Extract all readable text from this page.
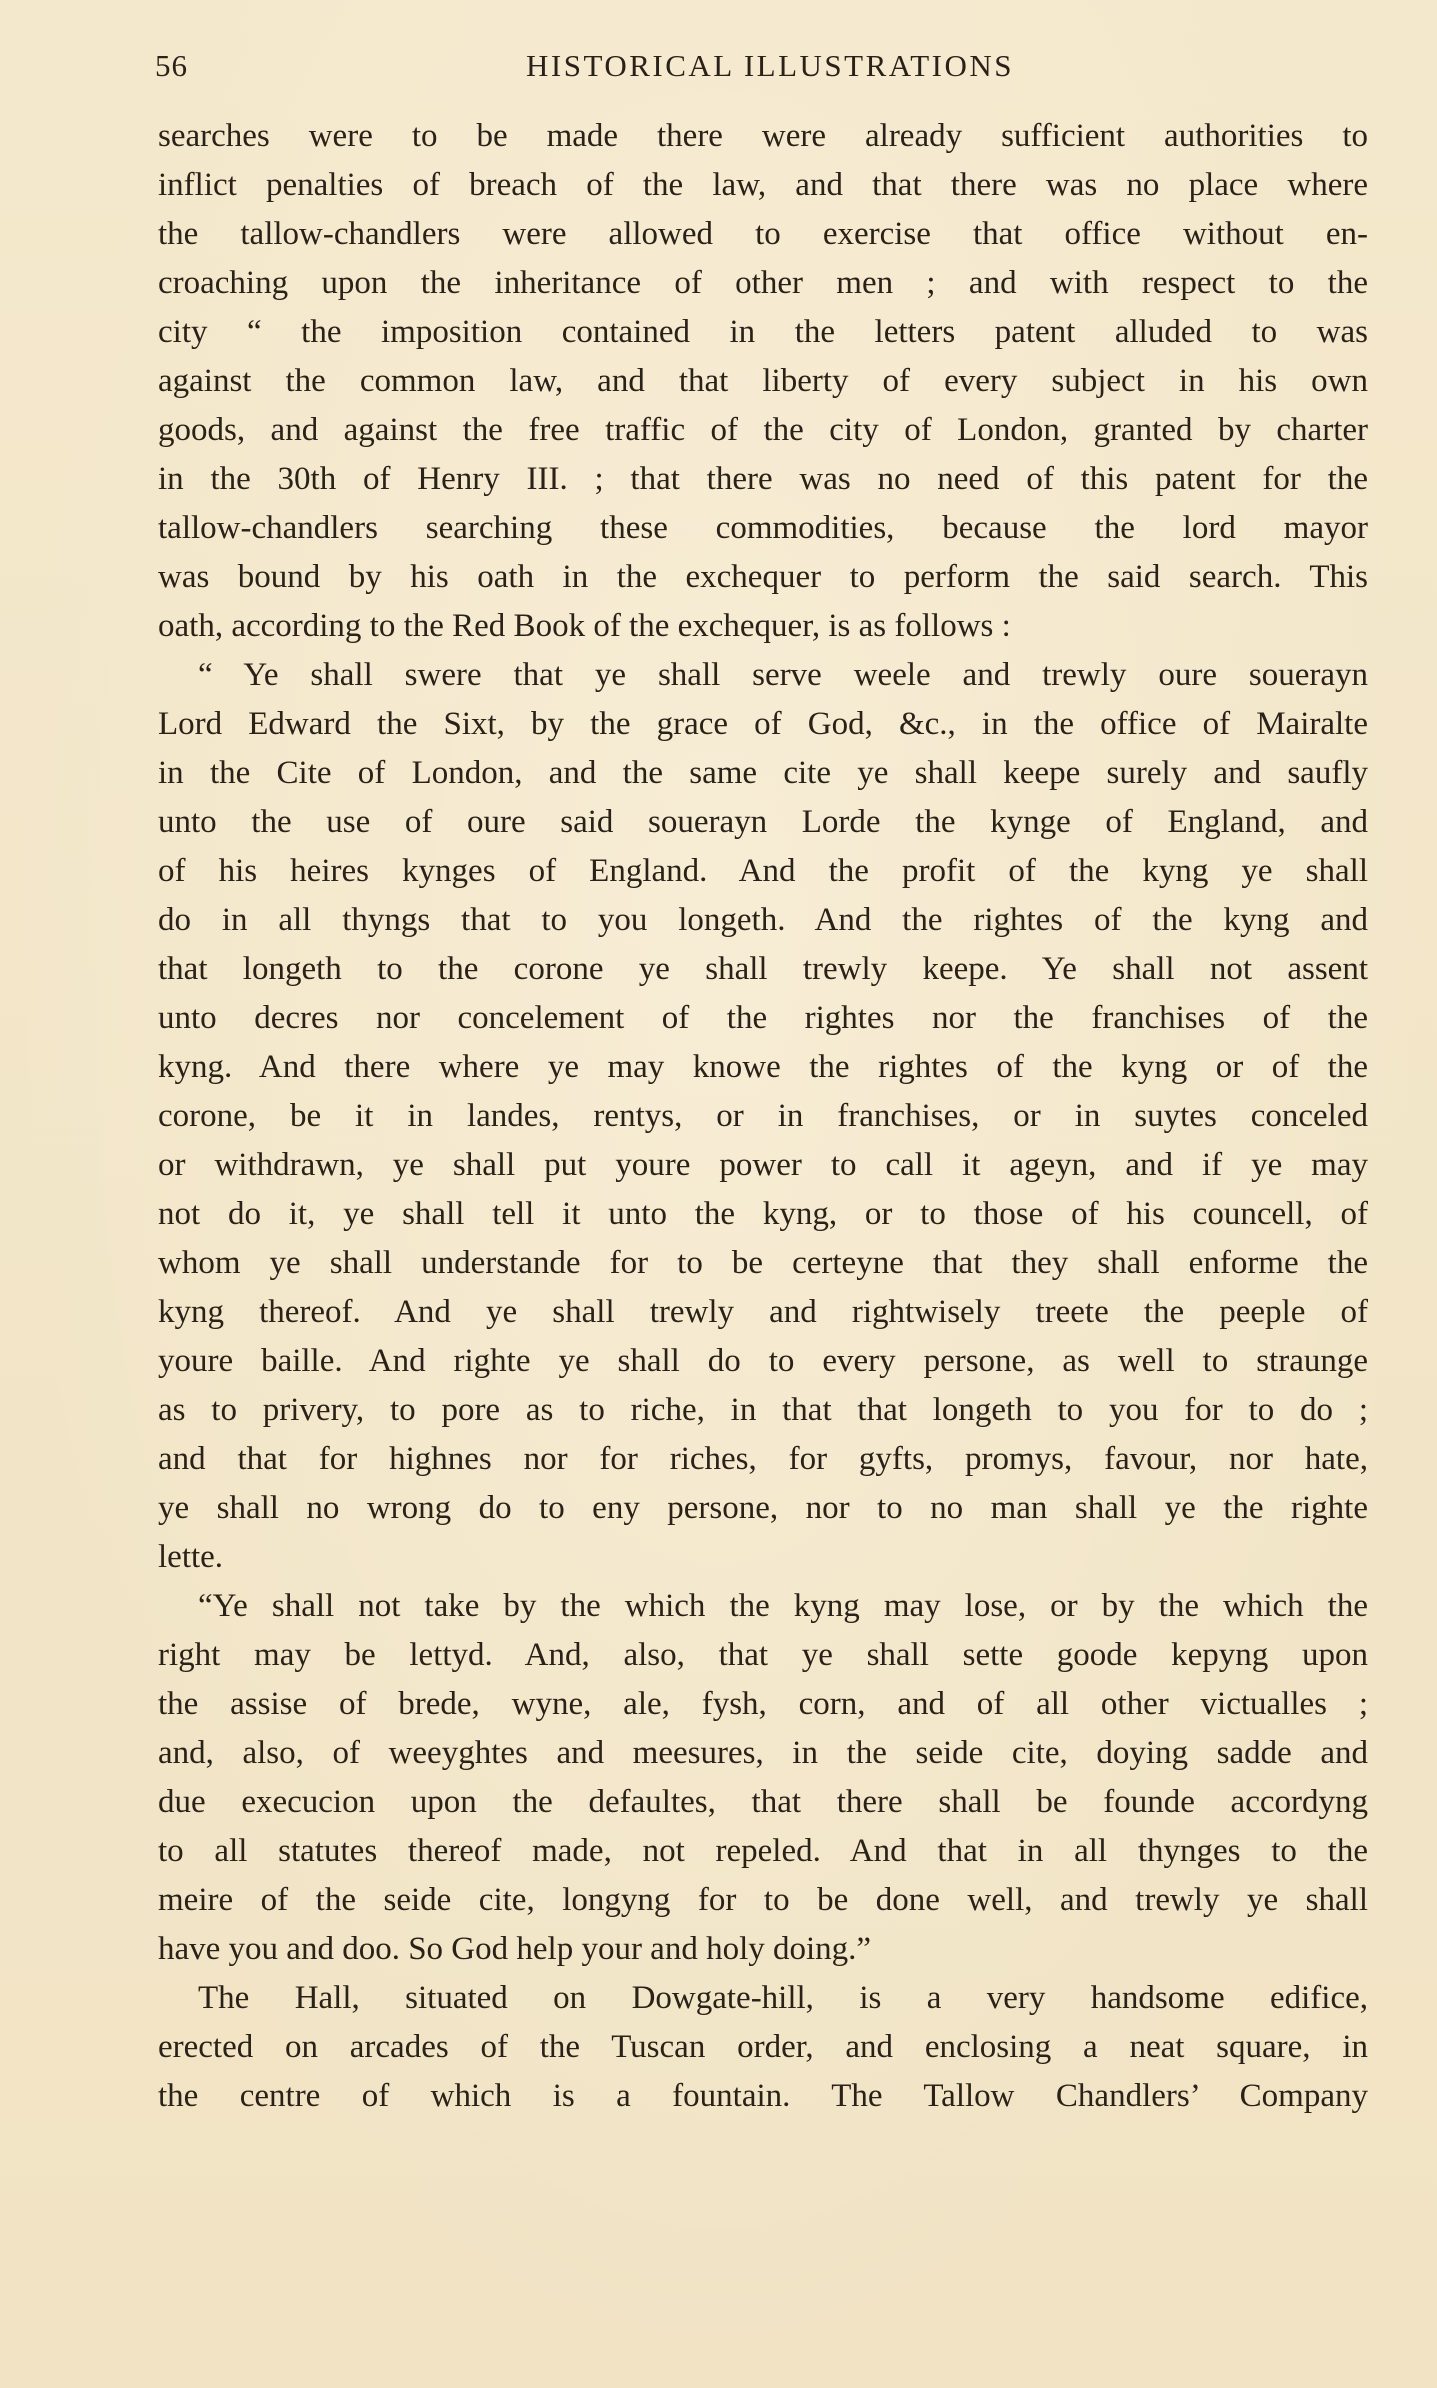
56	HISTORICAL ILLUSTRATIONS
searches were to be made there were already sufficient authorities to
inflict penalties of breach of the law, and that there was no place where
the tallow-chandlers were allowed to exercise that office without en-
croaching upon the inheritance of other men ; and with respect to the
city “ the imposition contained in the letters patent alluded to was
against the common law, and that liberty of every subject in his own
goods, and against the free traffic of the city of London, granted by charter
in the 30th of Henry III. ; that there was no need of this patent for the
tallow-chandlers searching these commodities, because the lord mayor
was bound by his oath in the exchequer to perform the said search. This
oath, according to the Red Book of the exchequer, is as follows :
“ Ye shall swere that ye shall serve weele and trewly oure souerayn
Lord Edward the Sixt, by the grace of God, &c., in the office of Mairalte
in the Cite of London, and the same cite ye shall keepe surely and saufly
unto the use of oure said souerayn Lorde the kynge of England, and
of his heires kynges of England. And the profit of the kyng ye shall
do in all thyngs that to you longeth. And the rightes of the kyng and
that longeth to the corone ye shall trewly keepe. Ye shall not assent
unto decres nor concelement of the rightes nor the franchises of the
kyng. And there where ye may knowe the rightes of the kyng or of the
corone, be it in landes, rentys, or in franchises, or in suytes conceled
or withdrawn, ye shall put youre power to call it ageyn, and if ye may
not do it, ye shall tell it unto the kyng, or to those of his councell, of
whom ye shall understande for to be certeyne that they shall enforme the
kyng thereof. And ye shall trewly and rightwisely treete the peeple of
youre baille. And righte ye shall do to every persone, as well to straunge
as to privery, to pore as to riche, in that that longeth to you for to do ;
and that for highnes nor for riches, for gyfts, promys, favour, nor hate,
ye shall no wrong do to eny persone, nor to no man shall ye the righte
lette.
“Ye shall not take by the which the kyng may lose, or by the which the
right may be lettyd. And, also, that ye shall sette goode kepyng upon
the assise of brede, wyne, ale, fysh, corn, and of all other victualles ;
and, also, of weeyghtes and meesures, in the seide cite, doying sadde and
due execucion upon the defaultes, that there shall be founde accordyng
to all statutes thereof made, not repeled. And that in all thynges to the
meire of the seide cite, longyng for to be done well, and trewly ye shall
have you and doo. So God help your and holy doing.”
The Hall, situated on Dowgate-hill, is a very handsome edifice,
erected on arcades of the Tuscan order, and enclosing a neat square, in
the centre of which is a fountain. The Tallow Chandlers’ Company
